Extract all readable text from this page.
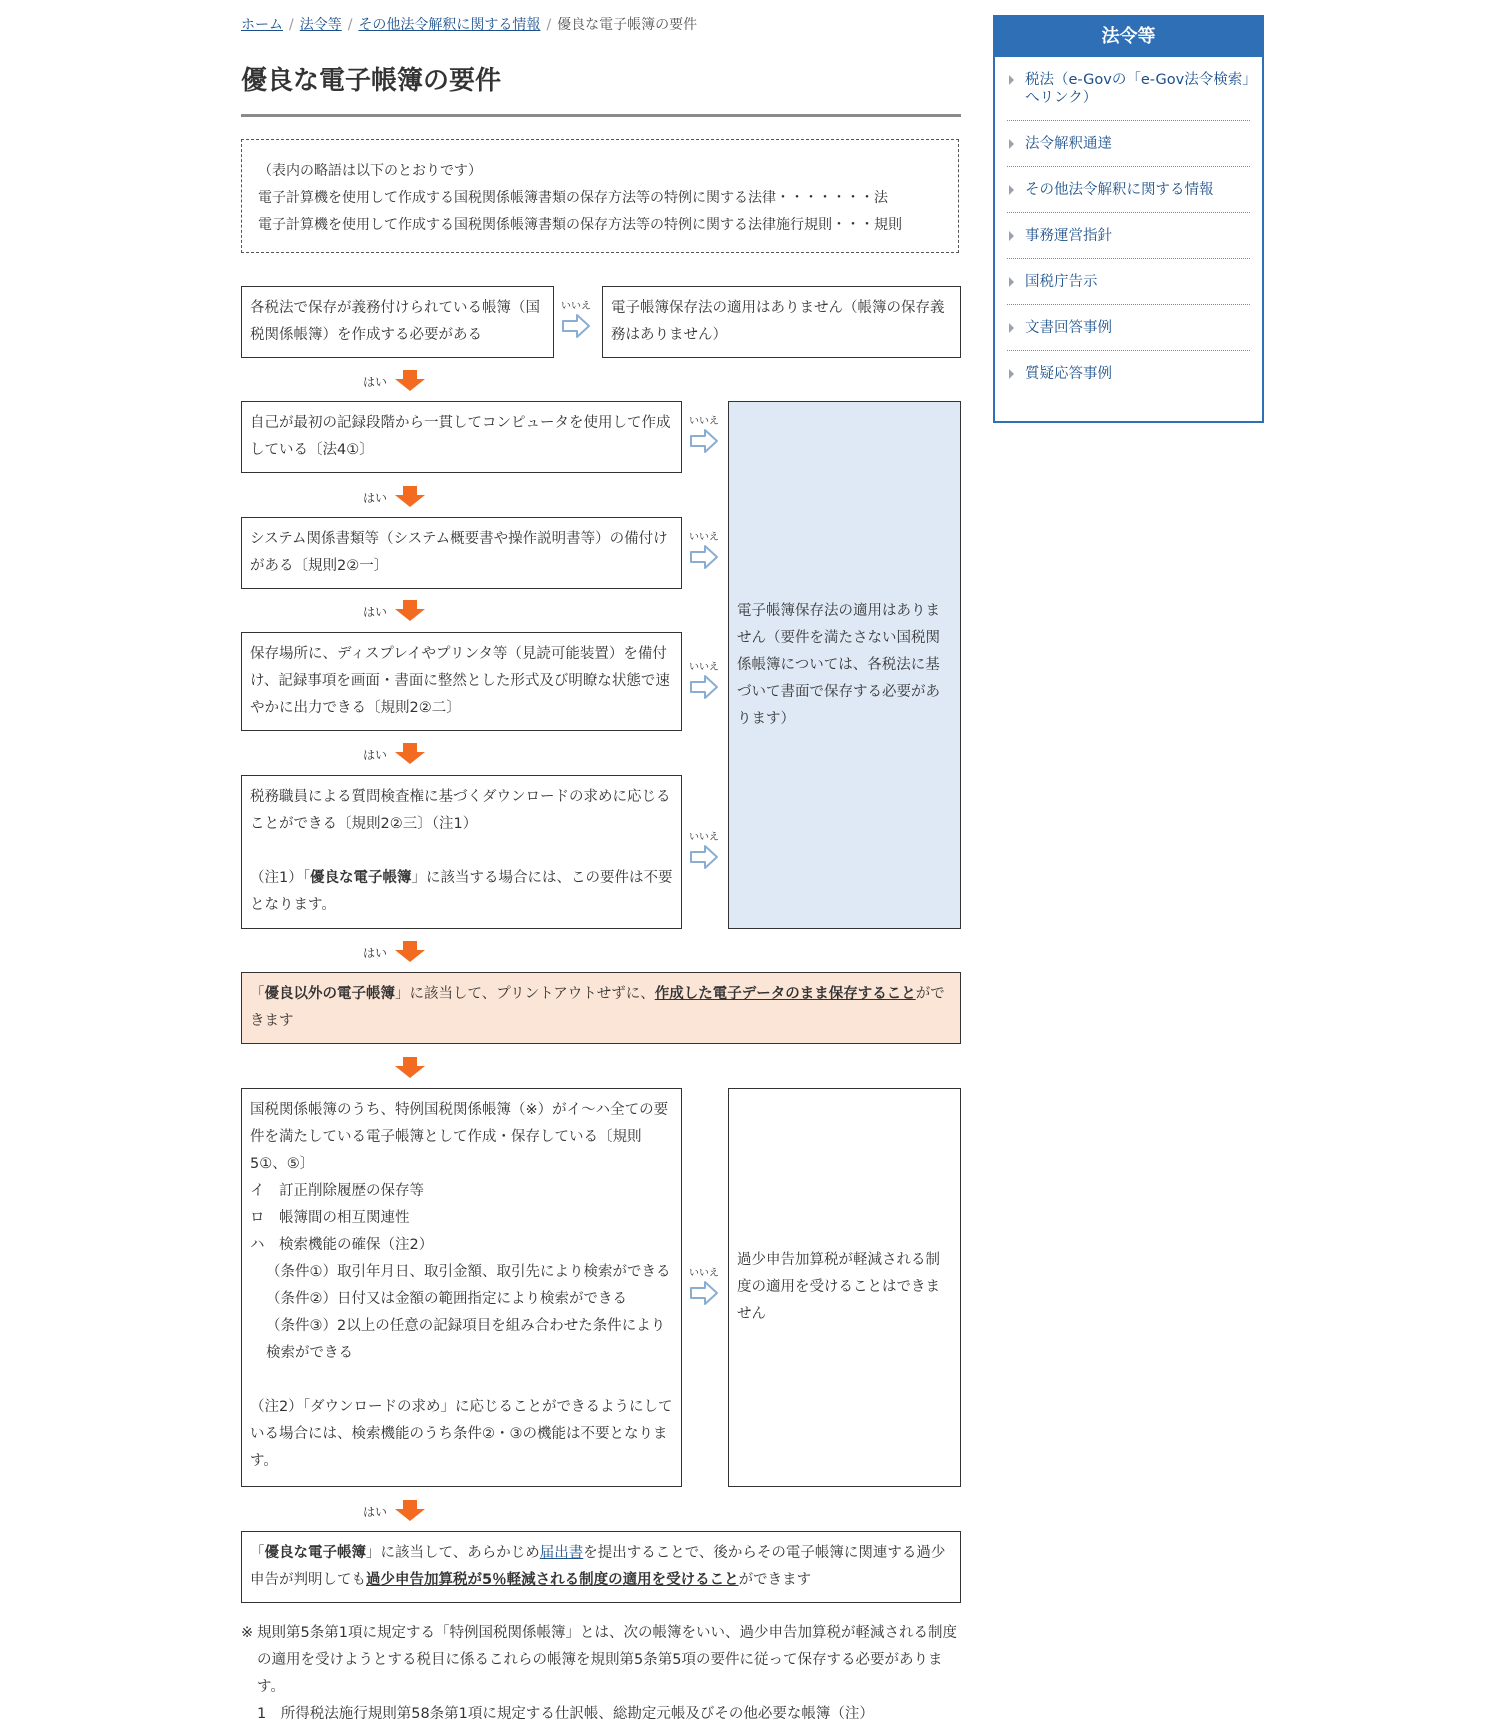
ホーム / 法令等 / その他法令解釈に関する情報 / 優良な電子帳簿の要件
優良な電子帳簿の要件
（表内の略語は以下のとおりです）
電子計算機を使用して作成する国税関係帳簿書類の保存方法等の特例に関する法律・・・・・・・法
電子計算機を使用して作成する国税関係帳簿書類の保存方法等の特例に関する法律施行規則・・・規則
各税法で保存が義務付けられている帳簿（国税関係帳簿）を作成する必要がある
いいえ	電子帳簿保存法の適用はありません（帳簿の保存義務はありません）
はい
自己が最初の記録段階から一貫してコンピュータを使用して作成している〔法4①〕
いいえ
はい
システム関係書類等（システム概要書や操作説明書等）の備付けがある〔規則2②一〕
いいえ
はい
保存場所に、ディスプレイやプリンタ等（見読可能装置）を備付け、記録事項を画面・書面に整然とした形式及び明瞭な状態で速やかに出力できる〔規則2②二〕
いいえ
はい
税務職員による質問検査権に基づくダウンロードの求めに応じることができる〔規則2②三〕（注1）
（注1）「優良な電子帳簿」に該当する場合には、この要件は不要となります。
いいえ
電子帳簿保存法の適用はありません（要件を満たさない国税関係帳簿については、各税法に基づいて書面で保存する必要があります）
はい
「優良以外の電子帳簿」に該当して、プリントアウトせずに、作成した電子データのまま保存することができます
国税関係帳簿のうち、特例国税関係帳簿（※）がイ〜ハ全ての要件を満たしている電子帳簿として作成・保存している〔規則5①、⑤〕
イ　訂正削除履歴の保存等
ロ　帳簿間の相互関連性
ハ　検索機能の確保（注2）
（条件①）取引年月日、取引金額、取引先により検索ができる
（条件②）日付又は金額の範囲指定により検索ができる
（条件③）2以上の任意の記録項目を組み合わせた条件により検索ができる
（注2）「ダウンロードの求め」に応じることができるようにしている場合には、検索機能のうち条件②・③の機能は不要となります。
いいえ
過少申告加算税が軽減される制度の適用を受けることはできません
はい
「優良な電子帳簿」に該当して、あらかじめ届出書を提出することで、後からその電子帳簿に関連する過少申告が判明しても過少申告加算税が5％軽減される制度の適用を受けることができます
※ 規則第5条第1項に規定する「特例国税関係帳簿」とは、次の帳簿をいい、過少申告加算税が軽減される制度の適用を受けようとする税目に係るこれらの帳簿を規則第5条第5項の要件に従って保存する必要があります。
1　所得税法施行規則第58条第1項に規定する仕訳帳、総勘定元帳及びその他必要な帳簿（注）
法令等
税法（e-Govの「e-Gov法令検索」へリンク）
法令解釈通達
その他法令解釈に関する情報
事務運営指針
国税庁告示
文書回答事例
質疑応答事例
